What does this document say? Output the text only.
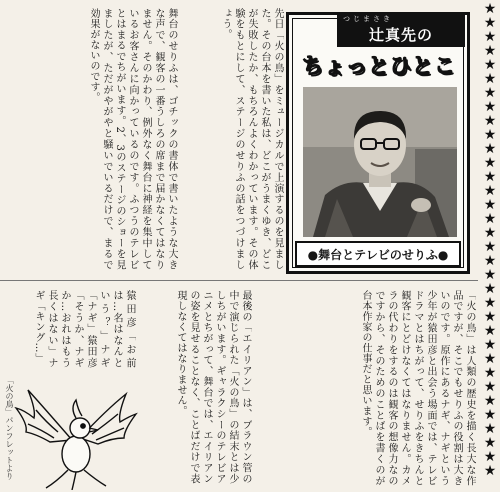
★
★
★
★
★
★
★
★
★
★
★
★
★
★
★
★
★
★
★
★
★
★
★
★
★
★
★
★
★
★
★
★
★
★
つじまさき
辻真先の
ちょっとひとこ
●舞台とテレビのせりふ●
先日「火の鳥」をミュージカルで上演するのを見ました。その台本を書いた私は、どこがうまくゆき、どこが失敗したか、もちろんよくわかっています。その体験をもとにして、ステージのせりふの話をつづけましょう。
舞台のせりふは、ゴチックの書体で書いたような大きな声で、観客の一番うしろの席まで届かなくてはなりません。そのかわり、例外なく舞台に神経を集中しているお客さんに向かっているのです。ふつうのテレビとはまるでちがいます。2、3のステージのショーを見ましたが、ただがやがやと騒いでいるだけで、まるで効果がないのです。
「火の鳥」は人類の歴史を描く長大な作品ですが、そこでもせりふの役割は大きいのです。原作にあるナギ、ナギという少年が猿田彦と出会う場面では、テレビドラマとはちがって、せりふをきちんと観客にとどけなくてはなりません。カメラの代わりをするのは観客の想像力なのですから、そのためのことばを書くのが台本作家の仕事だと思います。
最後の「エイリアン」は、ブラウン管の中で演じられた「火の鳥」の結末とは少しちがいます。ギャラクシーのテレビアニメとちがって、舞台では、エイリアンの姿を見せることなく、ことばだけで表現しなくてはなりません。
猿田彦「お前は…名はなんという？」ナギ「ナギ」猿田彦「そうか、ナギか…おれはもう長くはない」ナギ「キング…」
「火の鳥」パンフレットより
